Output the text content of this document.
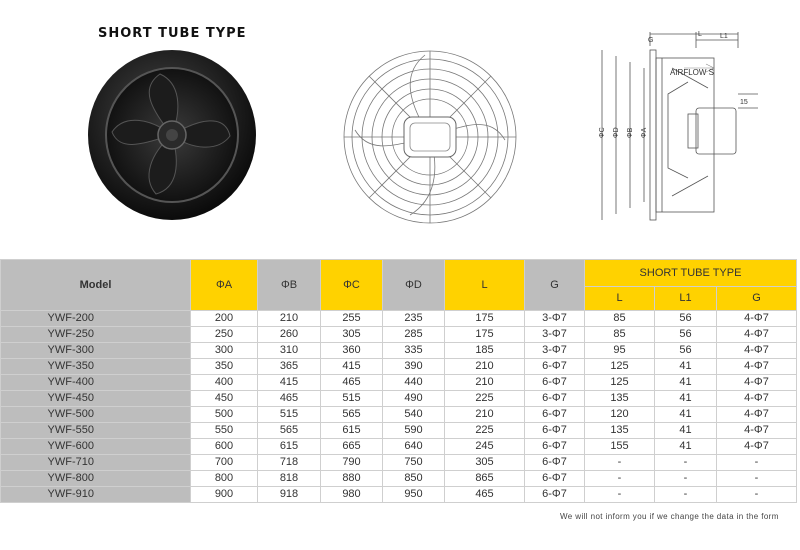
SHORT TUBE TYPE	G
L	L1
AIRFLOW S
15
ΦC ΦD ΦB ΦA
Model	ΦA	ΦB	ΦC	ΦD	L	G	SHORT TUBE TYPE		
							L	L1	G
YWF-200	200	210	255	235	175	3-Φ7	85	56	4-Φ7
YWF-250	250	260	305	285	175	3-Φ7	85	56	4-Φ7
YWF-300	300	310	360	335	185	3-Φ7	95	56	4-Φ7
YWF-350	350	365	415	390	210	6-Φ7	125	41	4-Φ7
YWF-400	400	415	465	440	210	6-Φ7	125	41	4-Φ7
YWF-450	450	465	515	490	225	6-Φ7	135	41	4-Φ7
YWF-500	500	515	565	540	210	6-Φ7	120	41	4-Φ7
YWF-550	550	565	615	590	225	6-Φ7	135	41	4-Φ7
YWF-600	600	615	665	640	245	6-Φ7	155	41	4-Φ7
YWF-710	700	718	790	750	305	6-Φ7	-	-	-
YWF-800	800	818	880	850	865	6-Φ7	-	-	-
YWF-910	900	918	980	950	465	6-Φ7	-	-	-
We will not inform you if we change the data in the form
